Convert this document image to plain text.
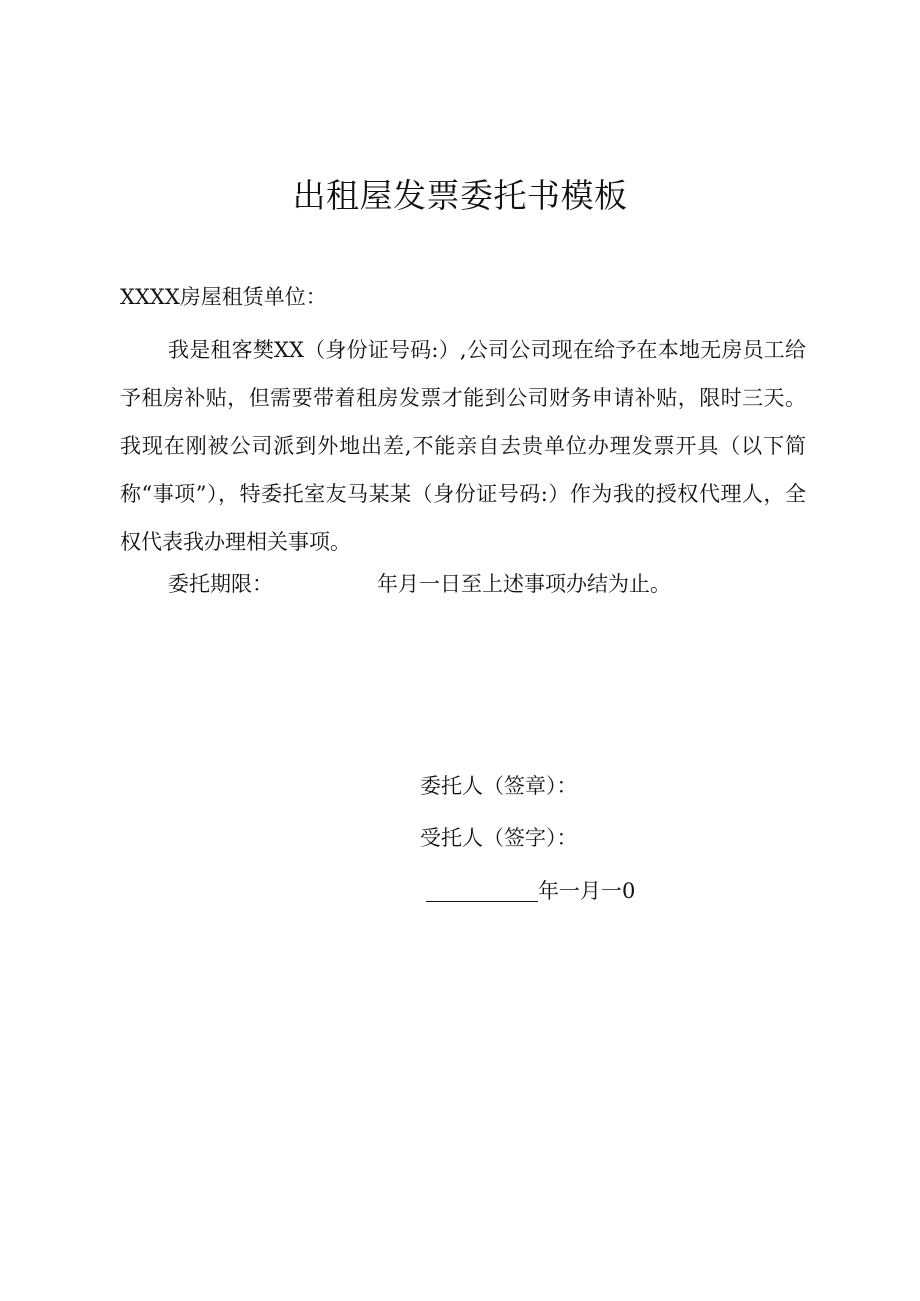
出租屋发票委托书模板
XXXX房屋租赁单位：
我是租客樊XX（身份证号码:）,公司公司现在给予在本地无房员工给予租房补贴，但需要带着租房发票才能到公司财务申请补贴，限时三天。我现在刚被公司派到外地出差,不能亲自去贵单位办理发票开具（以下简称“事项”），特委托室友马某某（身份证号码:）作为我的授权代理人，全权代表我办理相关事项。
委托期限：	年月一日至上述事项办结为止。
委托人（签章）：
受托人（签字）：
年一月一0
